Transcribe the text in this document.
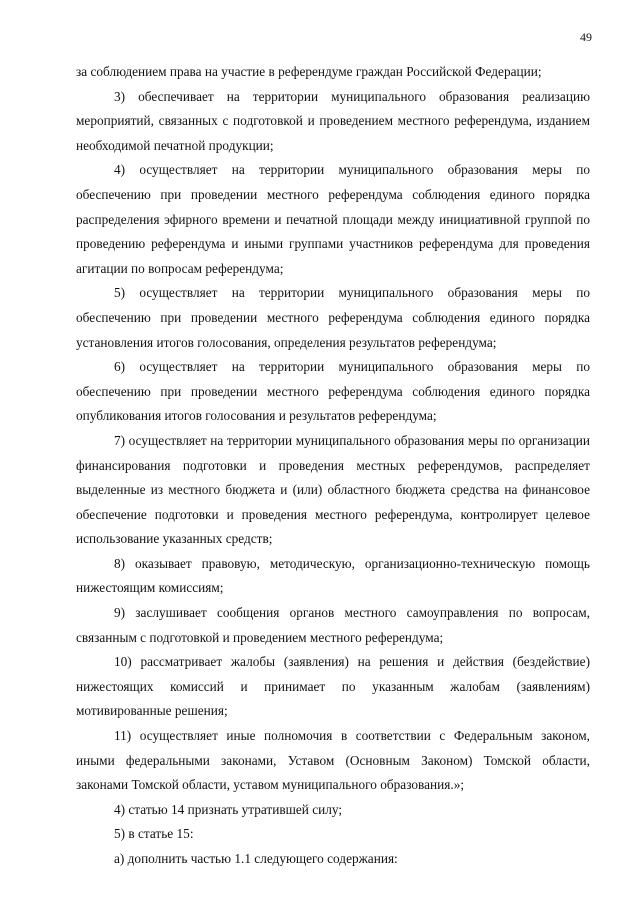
49

за соблюдением права на участие в референдуме граждан Российской Федерации;

3) обеспечивает на территории муниципального образования реализацию мероприятий, связанных с подготовкой и проведением местного референдума, изданием необходимой печатной продукции;

4) осуществляет на территории муниципального образования меры по обеспечению при проведении местного референдума соблюдения единого порядка распределения эфирного времени и печатной площади между инициативной группой по проведению референдума и иными группами участников референдума для проведения агитации по вопросам референдума;

5) осуществляет на территории муниципального образования меры по обеспечению при проведении местного референдума соблюдения единого порядка установления итогов голосования, определения результатов референдума;

6) осуществляет на территории муниципального образования меры по обеспечению при проведении местного референдума соблюдения единого порядка опубликования итогов голосования и результатов референдума;

7) осуществляет на территории муниципального образования меры по организации финансирования подготовки и проведения местных референдумов, распределяет выделенные из местного бюджета и (или) областного бюджета средства на финансовое обеспечение подготовки и проведения местного референдума, контролирует целевое использование указанных средств;

8) оказывает правовую, методическую, организационно-техническую помощь нижестоящим комиссиям;

9) заслушивает сообщения органов местного самоуправления по вопросам, связанным с подготовкой и проведением местного референдума;

10) рассматривает жалобы (заявления) на решения и действия (бездействие) нижестоящих комиссий и принимает по указанным жалобам (заявлениям) мотивированные решения;

11) осуществляет иные полномочия в соответствии с Федеральным законом, иными федеральными законами, Уставом (Основным Законом) Томской области, законами Томской области, уставом муниципального образования.»;

4) статью 14 признать утратившей силу;

5) в статье 15:

а) дополнить частью 1.1 следующего содержания:
